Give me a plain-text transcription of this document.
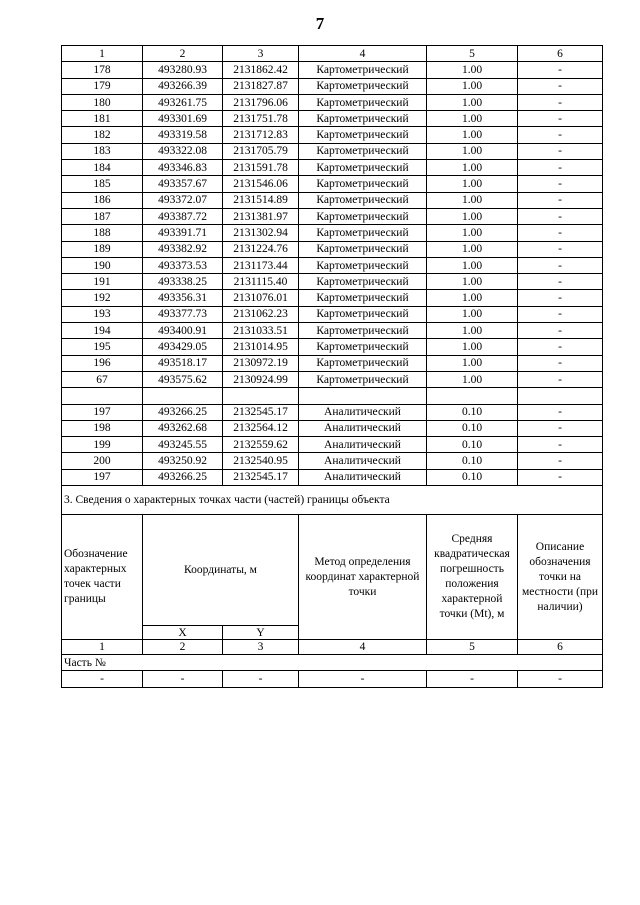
7
1	2	3	4	5	6
178	493280.93	2131862.42	Картометрический	1.00	-
179	493266.39	2131827.87	Картометрический	1.00	-
180	493261.75	2131796.06	Картометрический	1.00	-
181	493301.69	2131751.78	Картометрический	1.00	-
182	493319.58	2131712.83	Картометрический	1.00	-
183	493322.08	2131705.79	Картометрический	1.00	-
184	493346.83	2131591.78	Картометрический	1.00	-
185	493357.67	2131546.06	Картометрический	1.00	-
186	493372.07	2131514.89	Картометрический	1.00	-
187	493387.72	2131381.97	Картометрический	1.00	-
188	493391.71	2131302.94	Картометрический	1.00	-
189	493382.92	2131224.76	Картометрический	1.00	-
190	493373.53	2131173.44	Картометрический	1.00	-
191	493338.25	2131115.40	Картометрический	1.00	-
192	493356.31	2131076.01	Картометрический	1.00	-
193	493377.73	2131062.23	Картометрический	1.00	-
194	493400.91	2131033.51	Картометрический	1.00	-
195	493429.05	2131014.95	Картометрический	1.00	-
196	493518.17	2130972.19	Картометрический	1.00	-
67	493575.62	2130924.99	Картометрический	1.00	-

197	493266.25	2132545.17	Аналитический	0.10	-
198	493262.68	2132564.12	Аналитический	0.10	-
199	493245.55	2132559.62	Аналитический	0.10	-
200	493250.92	2132540.95	Аналитический	0.10	-
197	493266.25	2132545.17	Аналитический	0.10	-
3. Сведения о характерных точках части (частей) границы объекта					
Обозначение характерных точек части границы	Координаты, м		Метод определения координат характерной точки	Средняя квадратическая погрешность положения характерной точки (Mt), м	Описание обозначения точки на местности (при наличии)
	X	Y			
1	2	3	4	5	6
Часть №					
-	-	-	-	-	-
